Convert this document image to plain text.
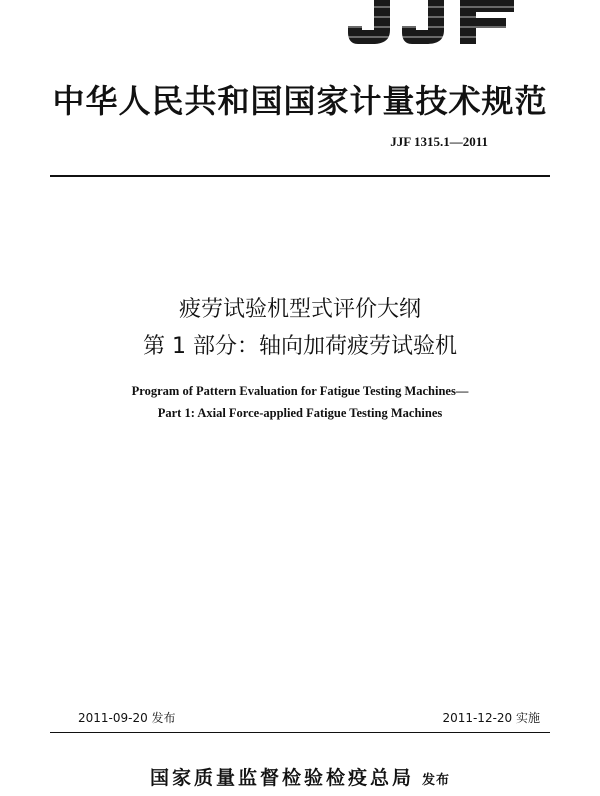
中华人民共和国国家计量技术规范
JJF 1315.1—2011
疲劳试验机型式评价大纲
第 1 部分：轴向加荷疲劳试验机
Program of Pattern Evaluation for Fatigue Testing Machines—
Part 1: Axial Force-applied Fatigue Testing Machines
2011-09-20 发布	2011-12-20 实施
国家质量监督检验检疫总局 发布
